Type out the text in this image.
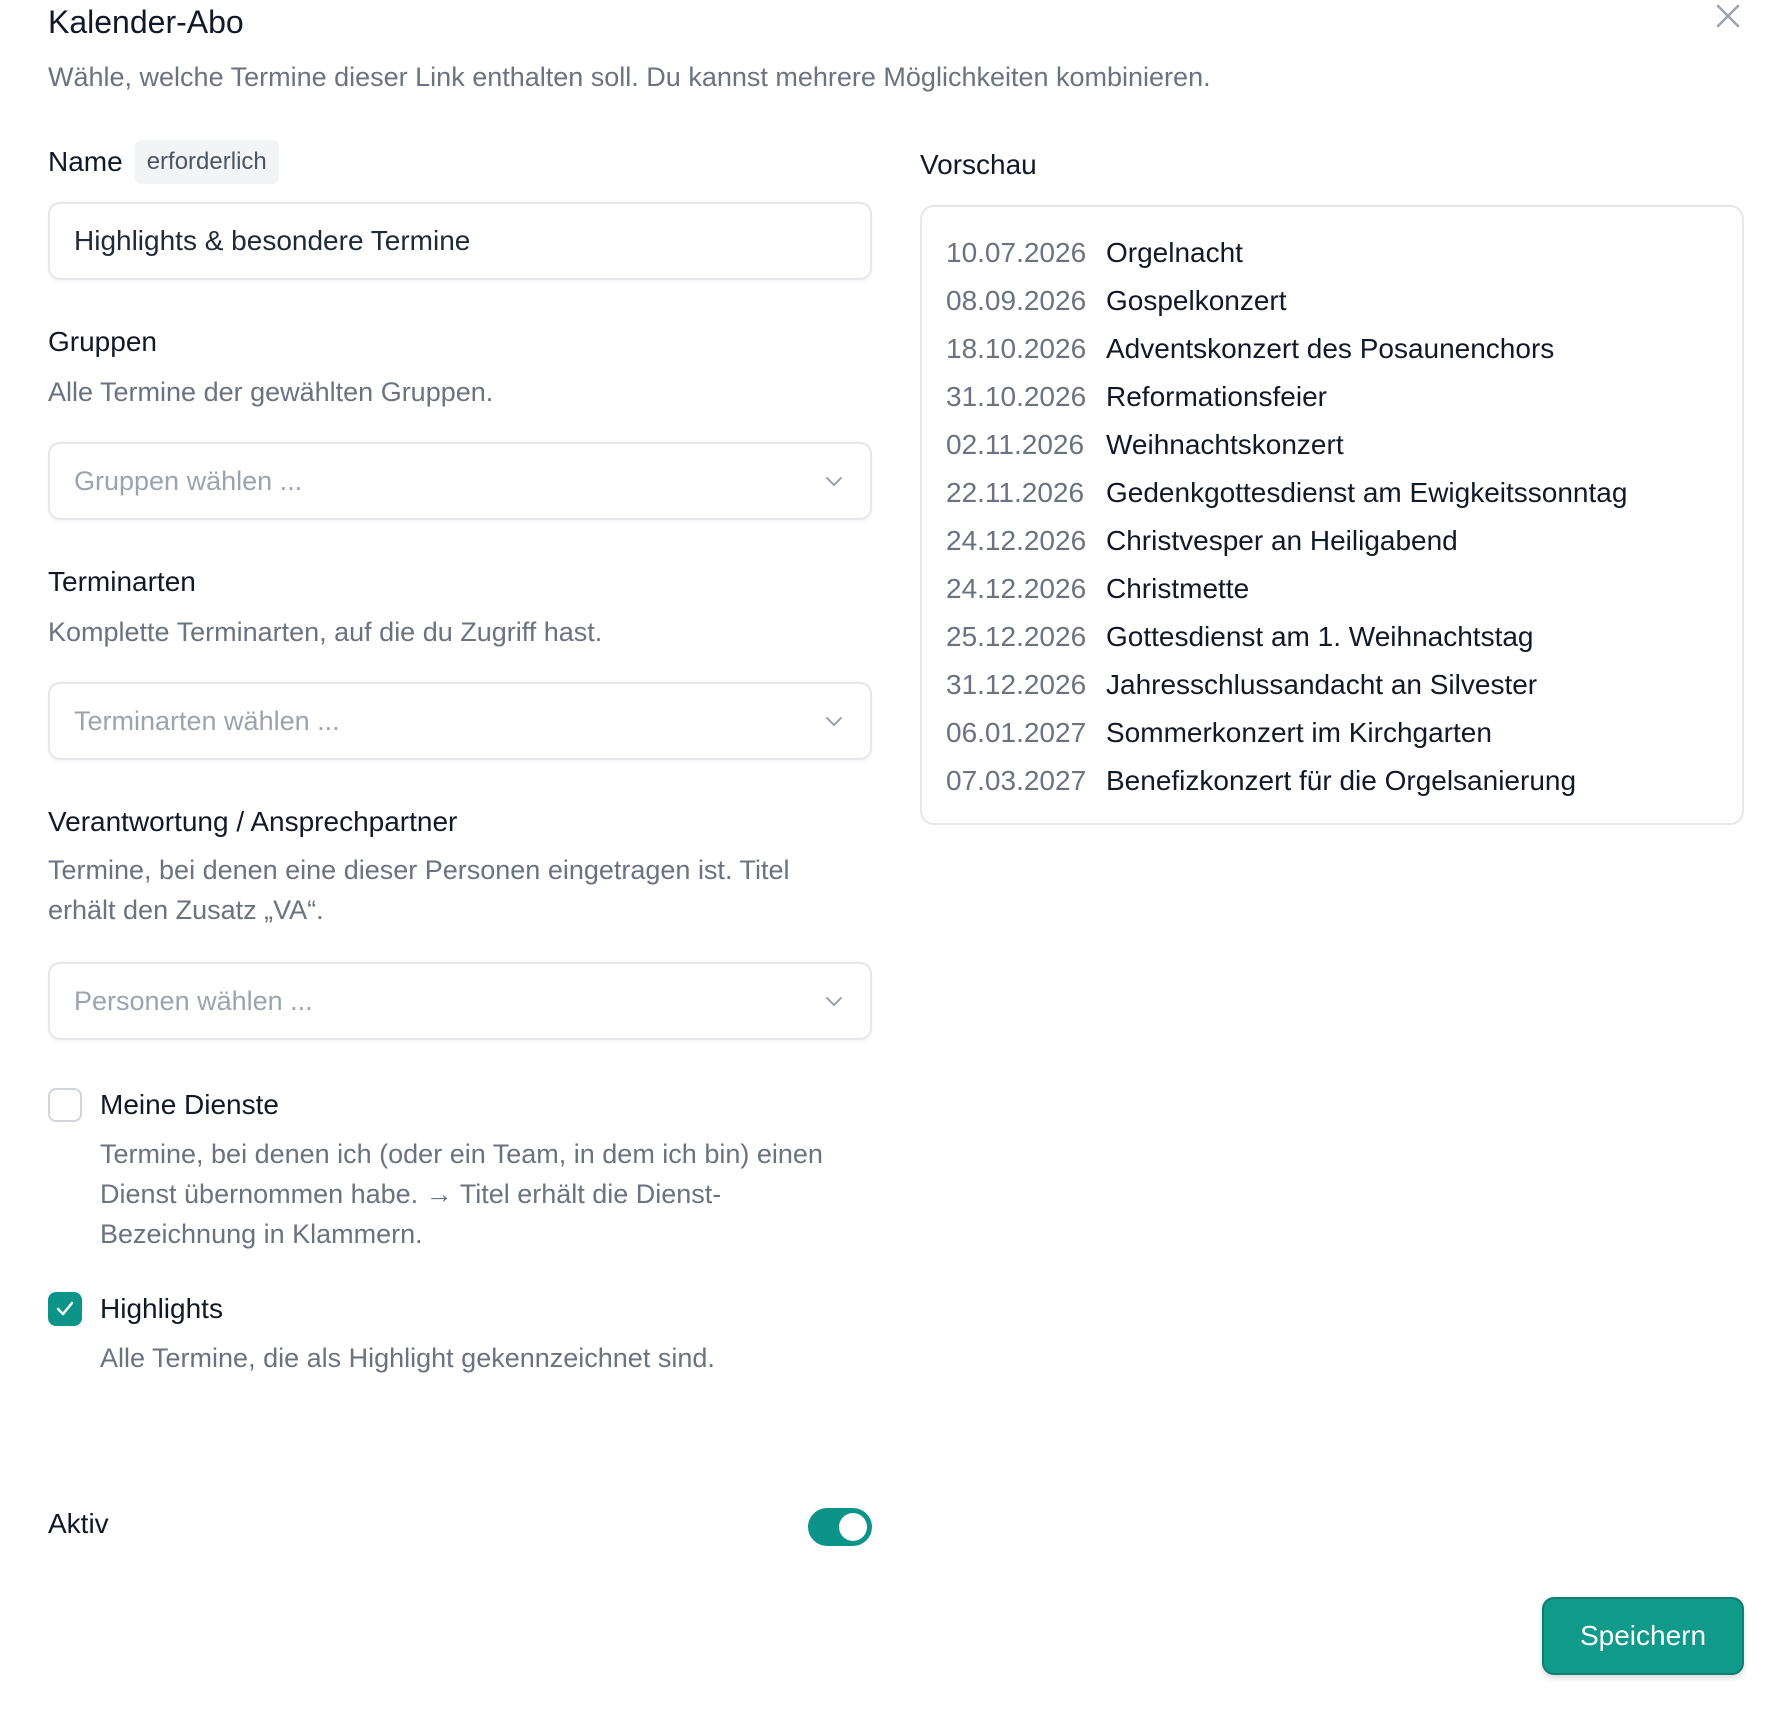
Kalender-Abo
Wähle, welche Termine dieser Link enthalten soll. Du kannst mehrere Möglichkeiten kombinieren.
Name	erforderlich
Highlights & besondere Termine
Gruppen
Alle Termine der gewählten Gruppen.
Gruppen wählen ...
Terminarten
Komplette Terminarten, auf die du Zugriff hast.
Terminarten wählen ...
Verantwortung / Ansprechpartner
Termine, bei denen eine dieser Personen eingetragen ist. Titel
erhält den Zusatz „VA“.
Personen wählen ...
Meine Dienste
Termine, bei denen ich (oder ein Team, in dem ich bin) einen
Dienst übernommen habe. → Titel erhält die Dienst-
Bezeichnung in Klammern.
Highlights
Alle Termine, die als Highlight gekennzeichnet sind.
Aktiv
Vorschau
10.07.2026 Orgelnacht
08.09.2026 Gospelkonzert
18.10.2026 Adventskonzert des Posaunenchors
31.10.2026 Reformationsfeier
02.11.2026 Weihnachtskonzert
22.11.2026 Gedenkgottesdienst am Ewigkeitssonntag
24.12.2026 Christvesper an Heiligabend
24.12.2026 Christmette
25.12.2026 Gottesdienst am 1. Weihnachtstag
31.12.2026 Jahresschlussandacht an Silvester
06.01.2027 Sommerkonzert im Kirchgarten
07.03.2027 Benefizkonzert für die Orgelsanierung
Speichern
